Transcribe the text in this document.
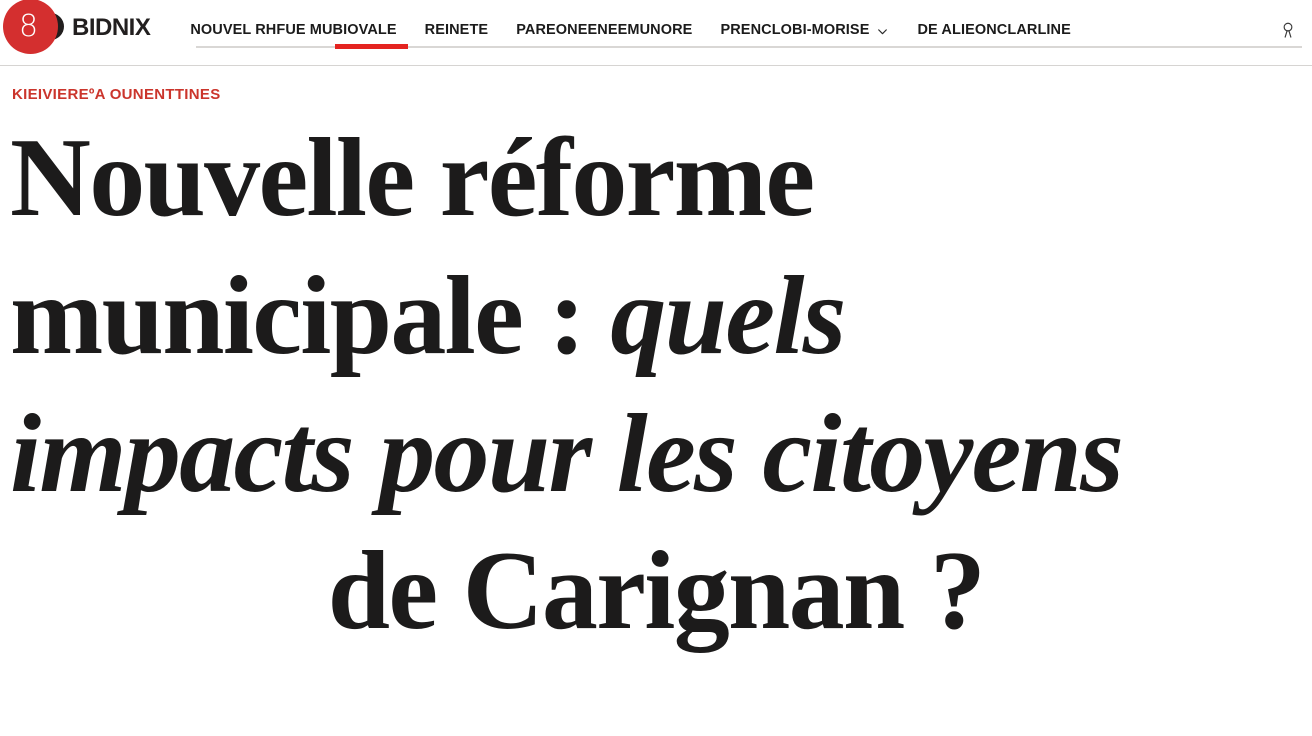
8 BIDNIX	NOUVEL RHFUE MUBIOVALE REINETE PAREONEENEEMUNORE PRENCLOBI-MORISE	DE ALIEONCLARLINE
KIEIVIEREºA OUNENTTINES
Nouvelle réforme
municipale : quels
impacts pour les citoyens
de Carignan ?
